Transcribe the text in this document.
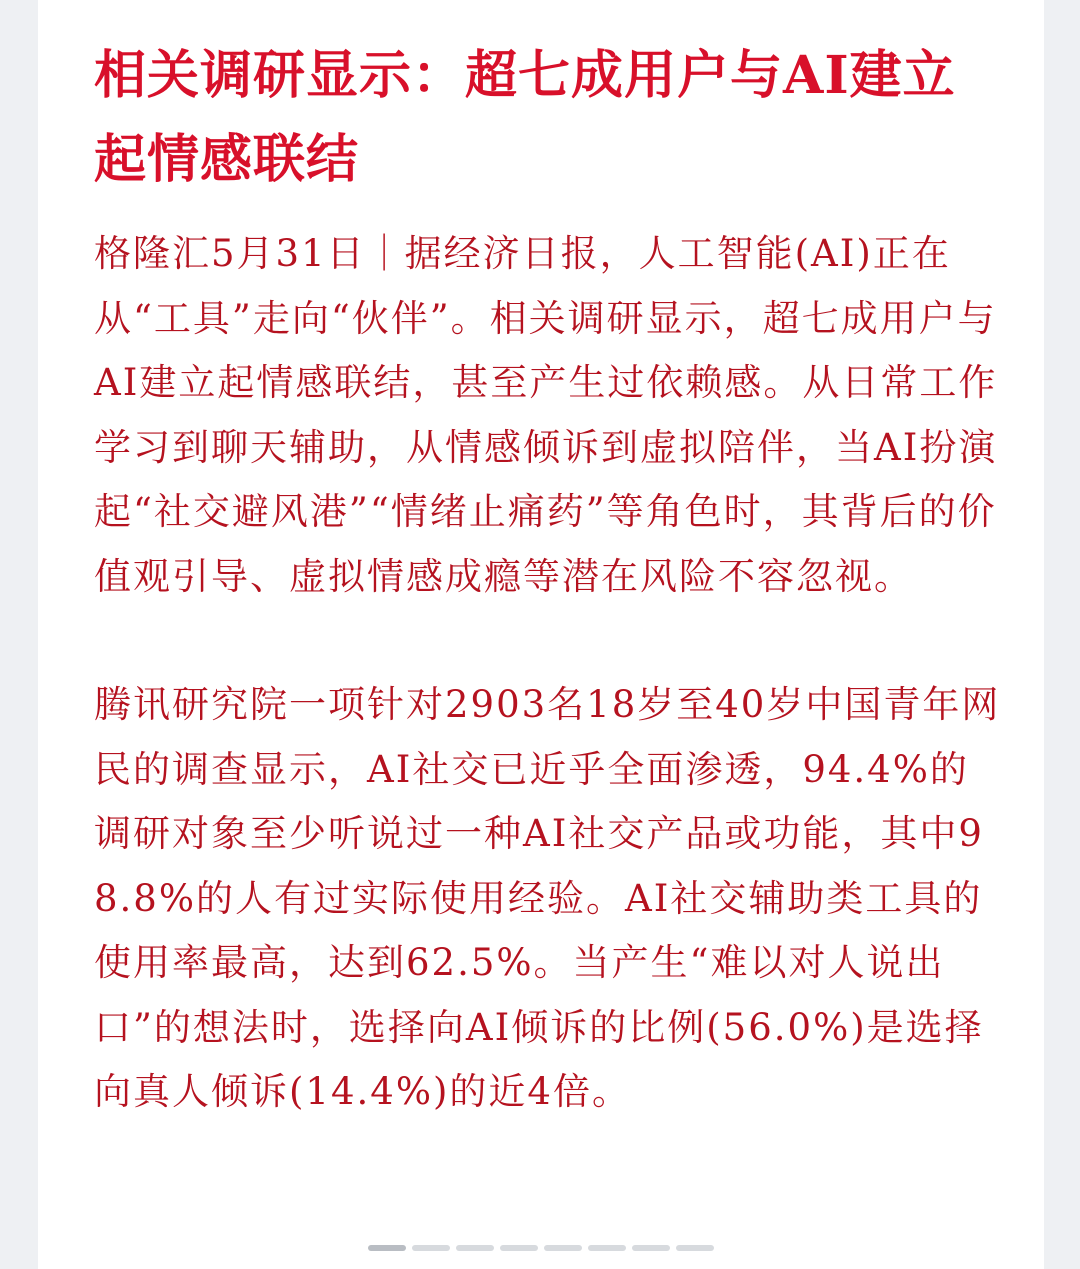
相关调研显示：超七成用户与AI建立起情感联结

格隆汇5月31日｜据经济日报，人工智能(AI)正在从“工具”走向“伙伴”。相关调研显示，超七成用户与AI建立起情感联结，甚至产生过依赖感。从日常工作学习到聊天辅助，从情感倾诉到虚拟陪伴，当AI扮演起“社交避风港”“情绪止痛药”等角色时，其背后的价值观引导、虚拟情感成瘾等潜在风险不容忽视。

腾讯研究院一项针对2903名18岁至40岁中国青年网民的调查显示，AI社交已近乎全面渗透，94.4%的调研对象至少听说过一种AI社交产品或功能，其中98.8%的人有过实际使用经验。AI社交辅助类工具的使用率最高，达到62.5%。当产生“难以对人说出口”的想法时，选择向AI倾诉的比例(56.0%)是选择向真人倾诉(14.4%)的近4倍。
